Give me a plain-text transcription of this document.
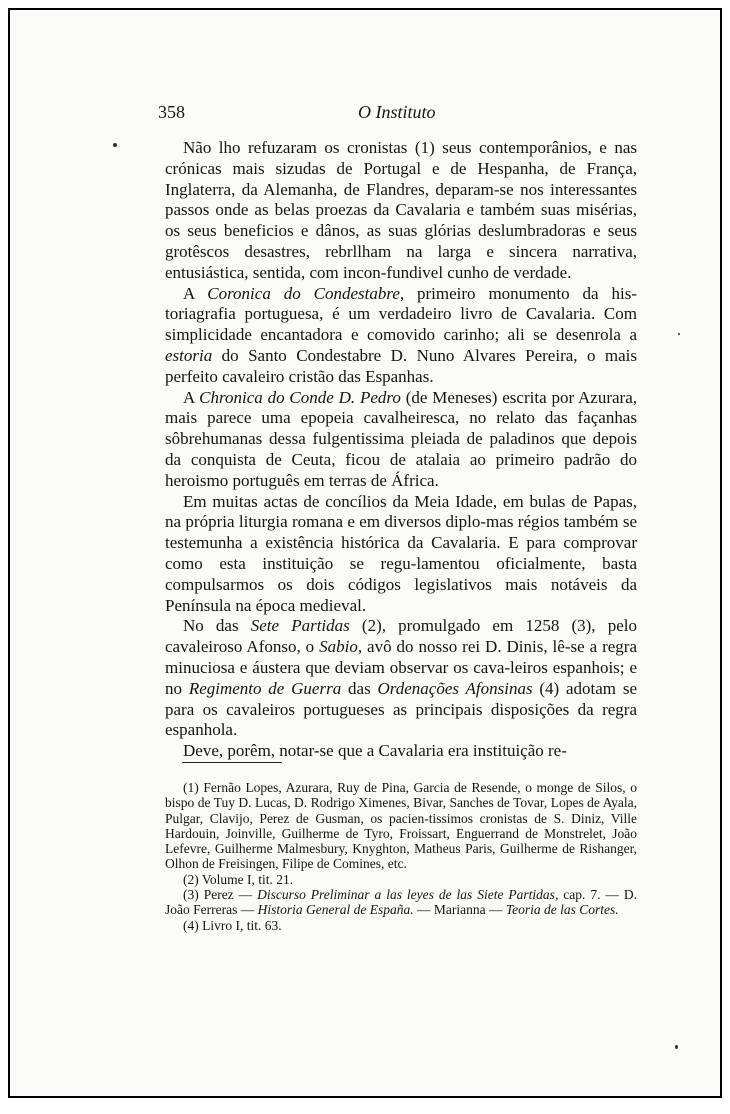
358	O Instituto

Não lho refuzaram os cronistas (1) seus contemporânios, e nas crónicas mais sizudas de Portugal e de Hespanha, de França, Inglaterra, da Alemanha, de Flandres, deparam-se nos interessantes passos onde as belas proezas da Cavalaria e também suas misérias, os seus beneficios e dânos, as suas glórias deslumbradoras e seus grotêscos desastres, rebrllham na larga e sincera narrativa, entusiástica, sentida, com incon-fundivel cunho de verdade.

A Coronica do Condestabre, primeiro monumento da his-toriagrafia portuguesa, é um verdadeiro livro de Cavalaria. Com simplicidade encantadora e comovido carinho; ali se desenrola a estoria do Santo Condestabre D. Nuno Alvares Pereira, o mais perfeito cavaleiro cristão das Espanhas.

A Chronica do Conde D. Pedro (de Meneses) escrita por Azurara, mais parece uma epopeia cavalheiresca, no relato das façanhas sôbrehumanas dessa fulgentissima pleiada de paladinos que depois da conquista de Ceuta, ficou de atalaia ao primeiro padrão do heroismo português em terras de África.

Em muitas actas de concílios da Meia Idade, em bulas de Papas, na própria liturgia romana e em diversos diplo-mas régios também se testemunha a existência histórica da Cavalaria. E para comprovar como esta instituição se regu-lamentou oficialmente, basta compulsarmos os dois códigos legislativos mais notáveis da Península na época medieval.

No das Sete Partidas (2), promulgado em 1258 (3), pelo cavaleiroso Afonso, o Sabio, avô do nosso rei D. Dinis, lê-se a regra minuciosa e áustera que deviam observar os cava-leiros espanhois; e no Regimento de Guerra das Ordenações Afonsinas (4) adotam se para os cavaleiros portugueses as principais disposições da regra espanhola.

Deve, porêm, notar-se que a Cavalaria era instituição re-

(1) Fernão Lopes, Azurara, Ruy de Pina, Garcia de Resende, o monge de Silos, o bispo de Tuy D. Lucas, D. Rodrigo Ximenes, Bivar, Sanches de Tovar, Lopes de Ayala, Pulgar, Clavijo, Perez de Gusman, os pacien-tissimos cronistas de S. Diniz, Ville Hardouin, Joinville, Guilherme de Tyro, Froissart, Enguerrand de Monstrelet, João Lefevre, Guilherme Malmesbury, Knyghton, Matheus Paris, Guilherme de Rishanger, Olhon de Freisingen, Filipe de Comines, etc.

(2) Volume I, tit. 21.

(3) Perez — Discurso Preliminar a las leyes de las Siete Partidas, cap. 7. — D. João Ferreras — Historia General de España. — Marianna — Teoria de las Cortes.

(4) Livro I, tit. 63.
